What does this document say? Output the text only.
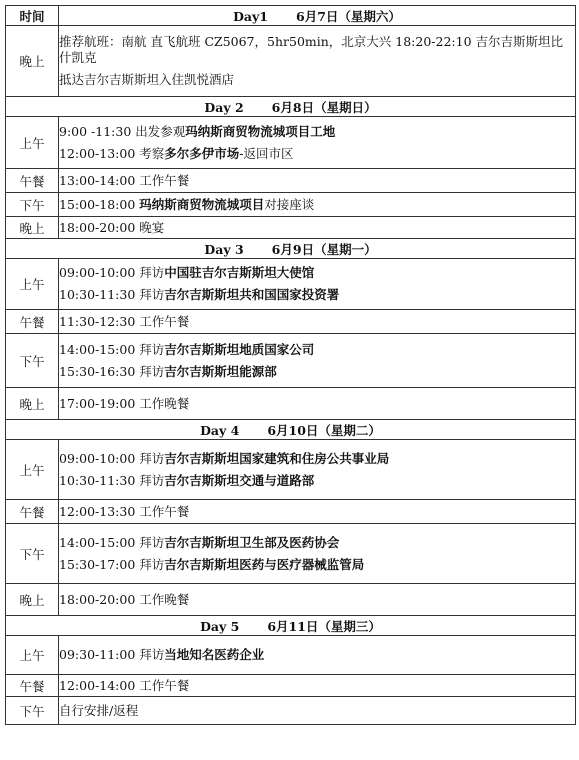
时间	Day1 6月7日（星期六）
晚上	推荐航班：南航 直飞航班 CZ5067，5hr50min，北京大兴 18:20-22:10 吉尔吉斯斯坦比什凯克
抵达吉尔吉斯斯坦入住凯悦酒店

Day 2 6月8日（星期日）	
上午	9:00 -11:30 出发参观玛纳斯商贸物流城项目工地
12:00-13:00 考察多尔多伊市场-返回市区

午餐	13:00-14:00 工作午餐

下午	15:00-18:00 玛纳斯商贸物流城项目对接座谈

晚上	18:00-20:00 晚宴

Day 3 6月9日（星期一）	
上午	09:00-10:00 拜访中国驻吉尔吉斯斯坦大使馆
10:30-11:30 拜访吉尔吉斯斯坦共和国国家投资署

午餐	11:30-12:30 工作午餐

下午	14:00-15:00 拜访吉尔吉斯斯坦地质国家公司
15:30-16:30 拜访吉尔吉斯斯坦能源部

晚上	17:00-19:00 工作晚餐

Day 4 6月10日（星期二）	
上午	09:00-10:00 拜访吉尔吉斯斯坦国家建筑和住房公共事业局
10:30-11:30 拜访吉尔吉斯斯坦交通与道路部

午餐	12:00-13:30 工作午餐

下午	14:00-15:00 拜访吉尔吉斯斯坦卫生部及医药协会
15:30-17:00 拜访吉尔吉斯斯坦医药与医疗器械监管局

晚上	18:00-20:00 工作晚餐

Day 5 6月11日（星期三）	
上午	09:30-11:00 拜访当地知名医药企业

午餐	12:00-14:00 工作午餐

下午	自行安排/返程
